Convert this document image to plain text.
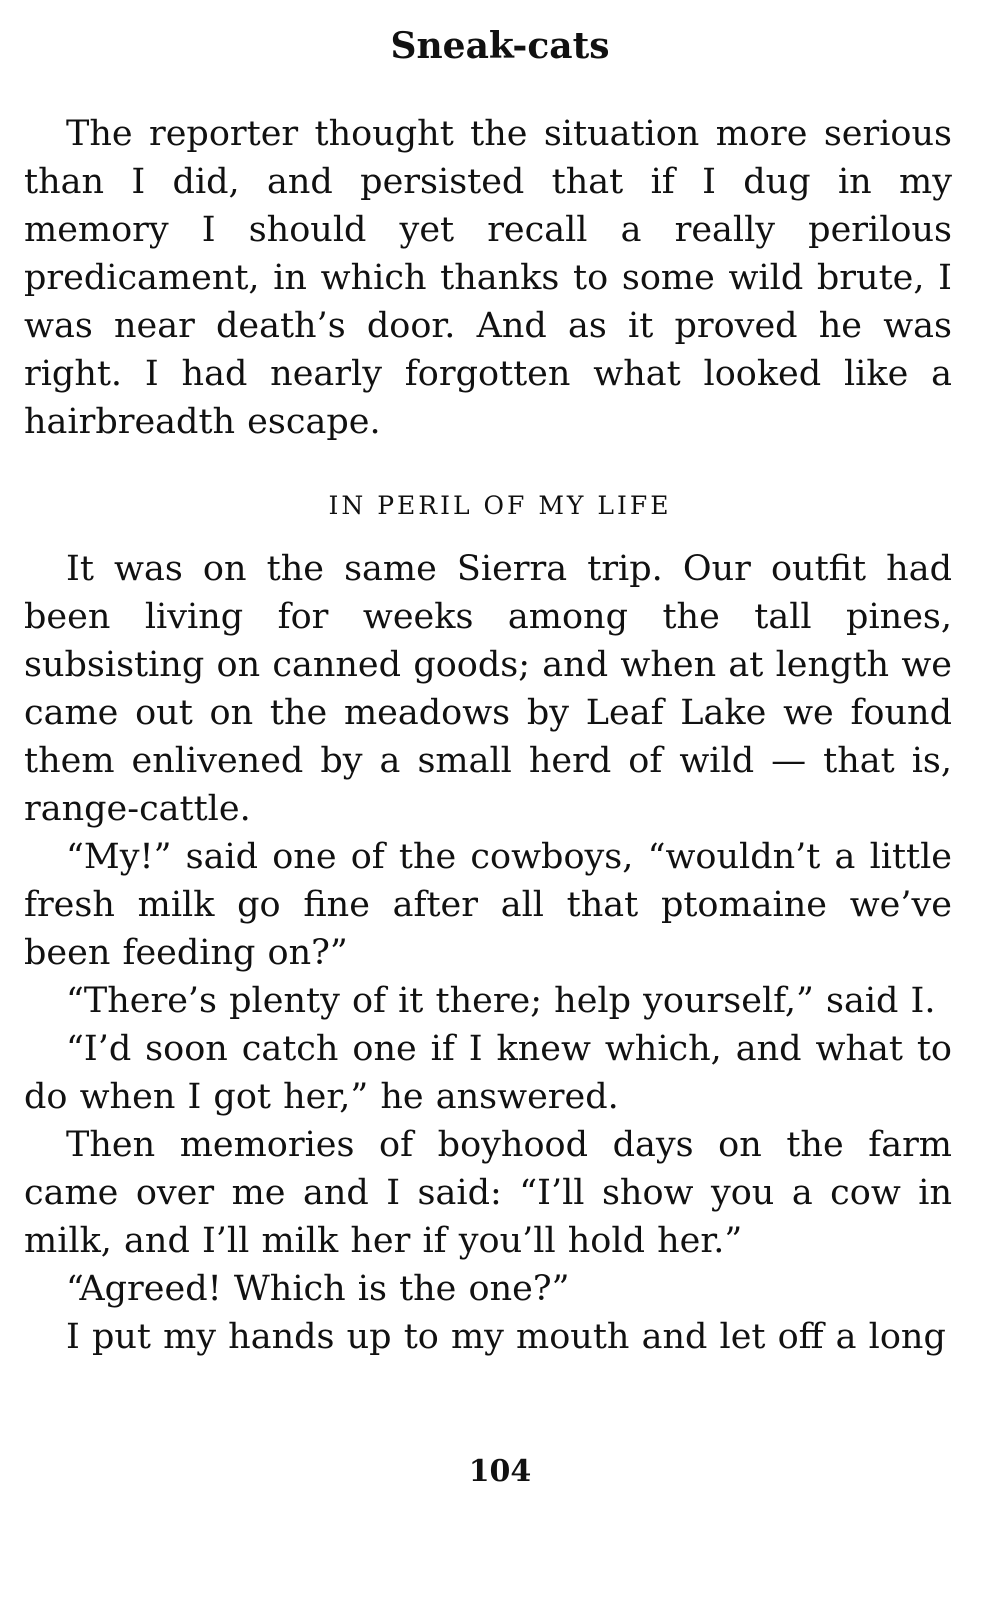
Sneak-cats

The reporter thought the situation more serious than I did, and persisted that if I dug in my memory I should yet recall a really perilous predicament, in which thanks to some wild brute, I was near death’s door. And as it proved he was right. I had nearly forgotten what looked like a hairbreadth escape.

IN PERIL OF MY LIFE

It was on the same Sierra trip. Our outfit had been living for weeks among the tall pines, subsisting on canned goods; and when at length we came out on the meadows by Leaf Lake we found them enlivened by a small herd of wild — that is, range-cattle.

“My!” said one of the cowboys, “wouldn’t a little fresh milk go fine after all that ptomaine we’ve been feeding on?”

“There’s plenty of it there; help yourself,” said I.

“I’d soon catch one if I knew which, and what to do when I got her,” he answered.

Then memories of boyhood days on the farm came over me and I said: “I’ll show you a cow in milk, and I’ll milk her if you’ll hold her.”

“Agreed! Which is the one?”

I put my hands up to my mouth and let off a long

104
